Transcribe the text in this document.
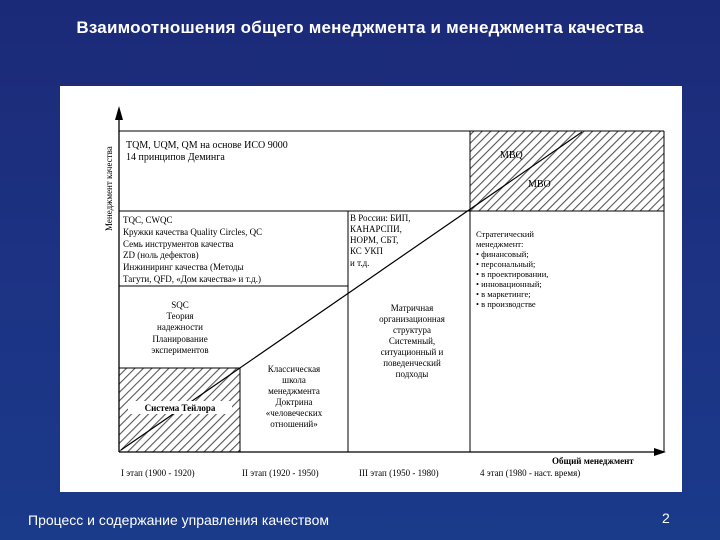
Взаимоотношения общего менеджмента и менеджмента качества
Менеджмент качества
Общий менеджмент
TQM, UQM, QM на основе ИСО 9000
14 принципов Деминга	MBQ
MBO
TQC, CWQC
Кружки качества Quality Circles, QC
Семь инструментов качества
ZD (ноль дефектов)
Инжиниринг качества (Методы
Тагути, QFD, «Дом качества» и т.д.)
В России: БИП,
КАНАРСПИ,
НОРМ, СБТ,
КС УКП
и т.д.
Стратегический
менеджмент:
• финансовый;
• персональный;
• в проектировании,
• инновационный;
• в маркетинге;
• в производстве
SQC
Теория
надежности
Планирование
экспериментов
Матричная
организационная
структура
Системный,
ситуационный и
поведенческий
подходы
Классическая
школа
менеджмента
Доктрина
«человеческих
отношений»
Система Тейлора
I этап (1900 - 1920)	II этап (1920 - 1950)	III этап (1950 - 1980)	4 этап (1980 - наст. время)
Процесс и содержание управления качеством	2
